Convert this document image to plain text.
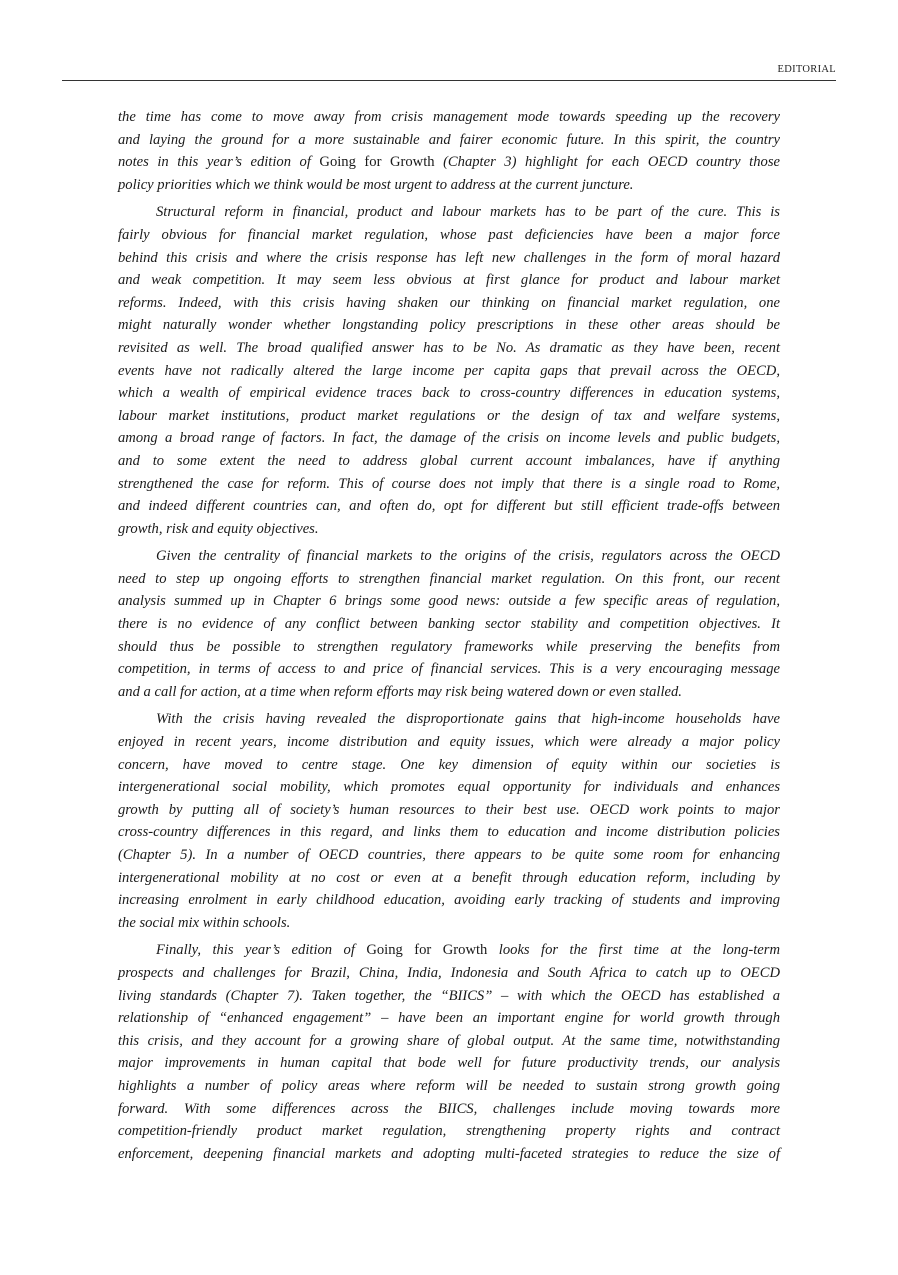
EDITORIAL
the time has come to move away from crisis management mode towards speeding up the recovery
and laying the ground for a more sustainable and fairer economic future. In this spirit, the country
notes in this year’s edition of Going for Growth (Chapter 3) highlight for each OECD country those
policy priorities which we think would be most urgent to address at the current juncture.
Structural reform in financial, product and labour markets has to be part of the cure. This is
fairly obvious for financial market regulation, whose past deficiencies have been a major force
behind this crisis and where the crisis response has left new challenges in the form of moral hazard
and weak competition. It may seem less obvious at first glance for product and labour market
reforms. Indeed, with this crisis having shaken our thinking on financial market regulation, one
might naturally wonder whether longstanding policy prescriptions in these other areas should be
revisited as well. The broad qualified answer has to be No. As dramatic as they have been, recent
events have not radically altered the large income per capita gaps that prevail across the OECD,
which a wealth of empirical evidence traces back to cross-country differences in education systems,
labour market institutions, product market regulations or the design of tax and welfare systems,
among a broad range of factors. In fact, the damage of the crisis on income levels and public budgets,
and to some extent the need to address global current account imbalances, have if anything
strengthened the case for reform. This of course does not imply that there is a single road to Rome,
and indeed different countries can, and often do, opt for different but still efficient trade-offs between
growth, risk and equity objectives.
Given the centrality of financial markets to the origins of the crisis, regulators across the OECD
need to step up ongoing efforts to strengthen financial market regulation. On this front, our recent
analysis summed up in Chapter 6 brings some good news: outside a few specific areas of regulation,
there is no evidence of any conflict between banking sector stability and competition objectives. It
should thus be possible to strengthen regulatory frameworks while preserving the benefits from
competition, in terms of access to and price of financial services. This is a very encouraging message
and a call for action, at a time when reform efforts may risk being watered down or even stalled.
With the crisis having revealed the disproportionate gains that high-income households have
enjoyed in recent years, income distribution and equity issues, which were already a major policy
concern, have moved to centre stage. One key dimension of equity within our societies is
intergenerational social mobility, which promotes equal opportunity for individuals and enhances
growth by putting all of society’s human resources to their best use. OECD work points to major
cross-country differences in this regard, and links them to education and income distribution policies
(Chapter 5). In a number of OECD countries, there appears to be quite some room for enhancing
intergenerational mobility at no cost or even at a benefit through education reform, including by
increasing enrolment in early childhood education, avoiding early tracking of students and improving
the social mix within schools.
Finally, this year’s edition of Going for Growth looks for the first time at the long-term
prospects and challenges for Brazil, China, India, Indonesia and South Africa to catch up to OECD
living standards (Chapter 7). Taken together, the “BIICS” – with which the OECD has established a
relationship of “enhanced engagement” – have been an important engine for world growth through
this crisis, and they account for a growing share of global output. At the same time, notwithstanding
major improvements in human capital that bode well for future productivity trends, our analysis
highlights a number of policy areas where reform will be needed to sustain strong growth going
forward. With some differences across the BIICS, challenges include moving towards more
competition-friendly product market regulation, strengthening property rights and contract
enforcement, deepening financial markets and adopting multi-faceted strategies to reduce the size of
